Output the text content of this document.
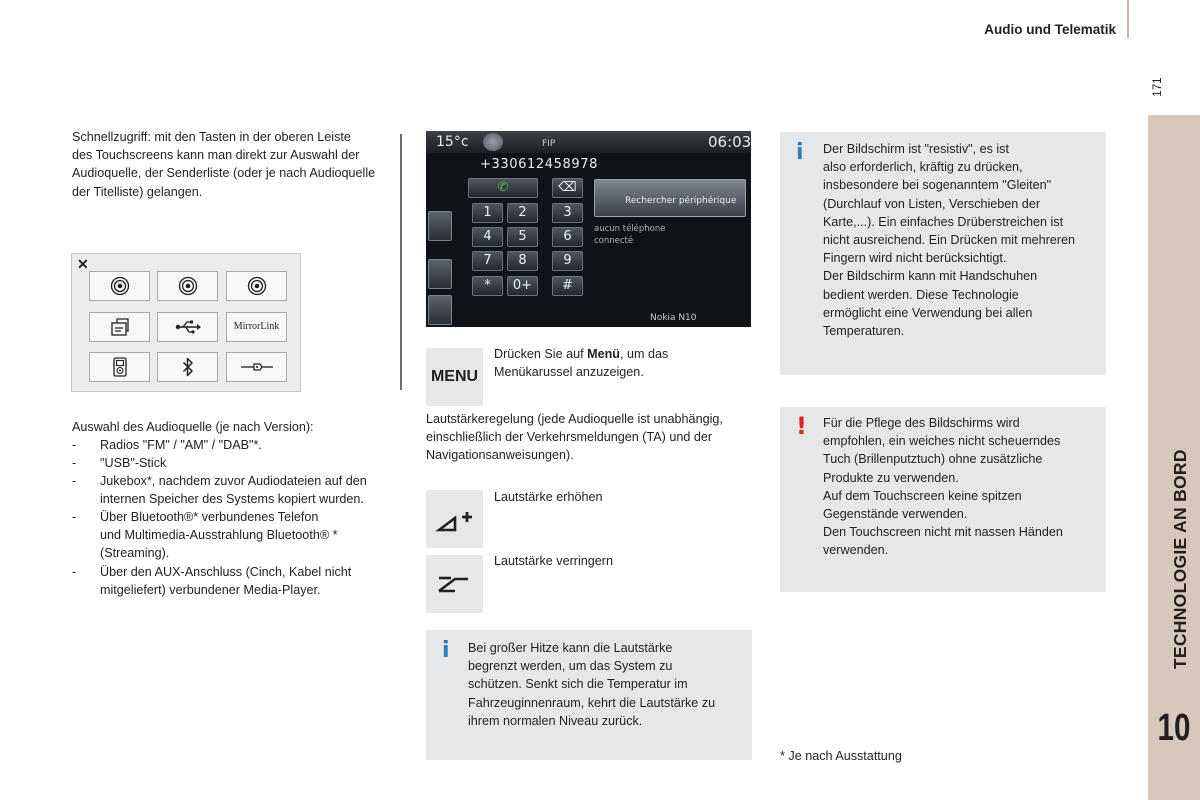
Audio und Telematik
171
TECHNOLOGIE AN BORD
10
Schnellzugriff: mit den Tasten in der oberen Leiste
des Touchscreens kann man direkt zur Auswahl der
Audioquelle, der Senderliste (oder je nach Audioquelle
der Titelliste) gelangen.
✕
MirrorLink
Auswahl des Audioquelle (je nach Version):
- Radios "FM" / "AM" / "DAB"*.
- "USB"-Stick
- Jukebox*, nachdem zuvor Audiodateien auf den
internen Speicher des Systems kopiert wurden.
- Über Bluetooth®* verbundenes Telefon
und Multimedia-Ausstrahlung Bluetooth® *
(Streaming).
- Über den AUX-Anschluss (Cinch, Kabel nicht
mitgeliefert) verbundener Media-Player.
15°c	FIP	06:03
+330612458978
✆	⌫
1	2	3
4	5	6
7	8	9
*	0+	#
Rechercher périphérique
aucun téléphone
connecté
Nokia N10
MENU
Drücken Sie auf Menü, um das
Menükarussel anzuzeigen.
Lautstärkeregelung (jede Audioquelle ist unabhängig,
einschließlich der Verkehrsmeldungen (TA) und der
Navigationsanweisungen).
Lautstärke erhöhen
Lautstärke verringern
i Bei großer Hitze kann die Lautstärke
begrenzt werden, um das System zu
schützen. Senkt sich die Temperatur im
Fahrzeuginnenraum, kehrt die Lautstärke zu
ihrem normalen Niveau zurück.
i Der Bildschirm ist "resistiv", es ist
also erforderlich, kräftig zu drücken,
insbesondere bei sogenanntem "Gleiten"
(Durchlauf von Listen, Verschieben der
Karte,...). Ein einfaches Drüberstreichen ist
nicht ausreichend. Ein Drücken mit mehreren
Fingern wird nicht berücksichtigt.
Der Bildschirm kann mit Handschuhen
bedient werden. Diese Technologie
ermöglicht eine Verwendung bei allen
Temperaturen.
! Für die Pflege des Bildschirms wird
empfohlen, ein weiches nicht scheuerndes
Tuch (Brillenputztuch) ohne zusätzliche
Produkte zu verwenden.
Auf dem Touchscreen keine spitzen
Gegenstände verwenden.
Den Touchscreen nicht mit nassen Händen
verwenden.
* Je nach Ausstattung
